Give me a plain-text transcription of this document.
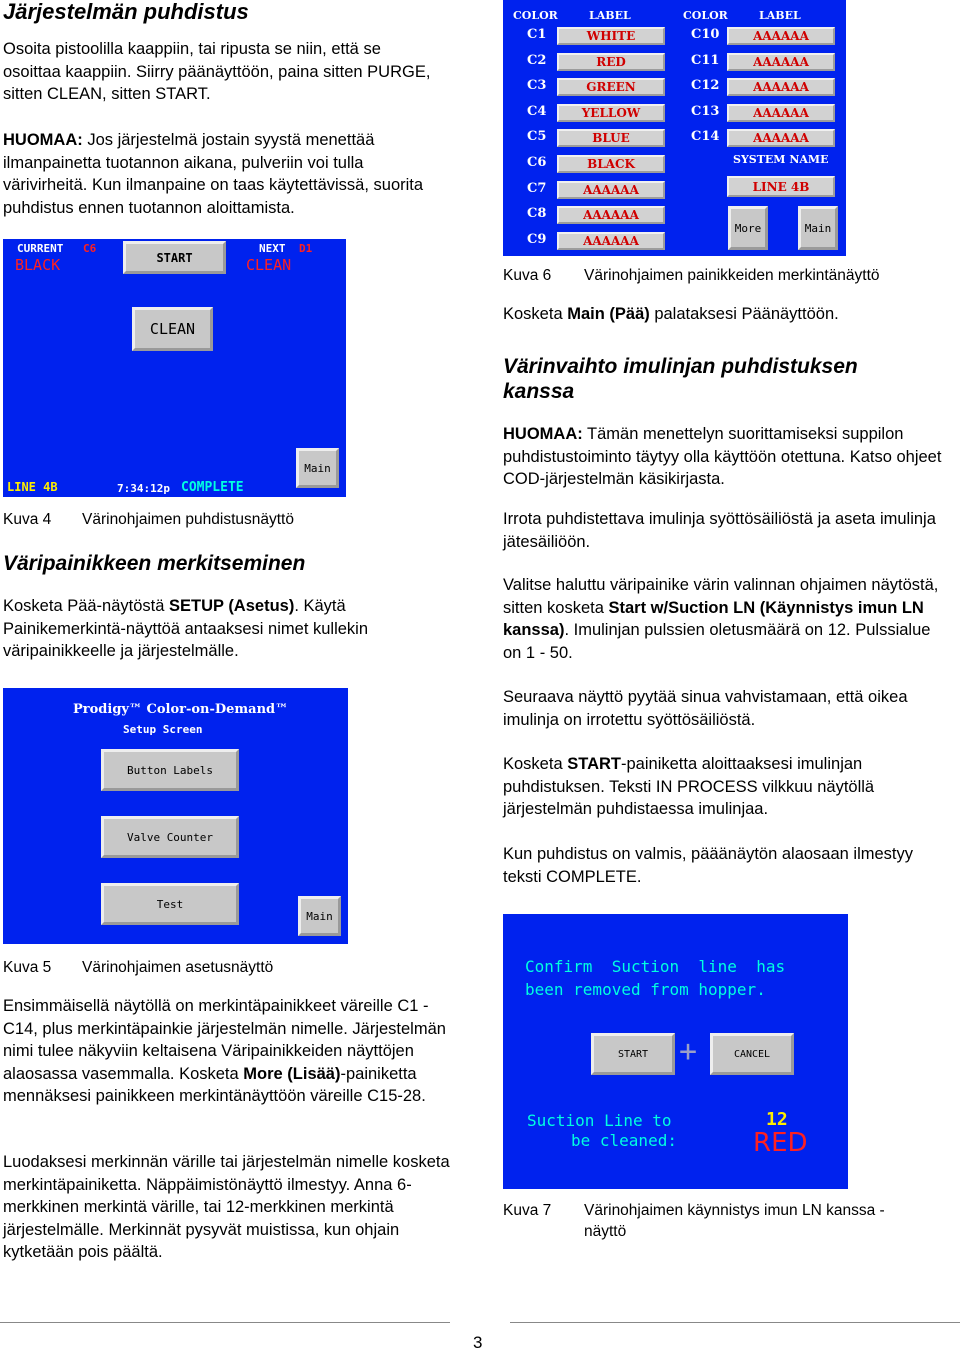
Järjestelmän puhdistus

Osoita pistoolilla kaappiin, tai ripusta se niin, että se osoittaa kaappiin. Siirry päänäyttöön, paina sitten PURGE, sitten CLEAN, sitten START.

HUOMAA: Jos järjestelmä jostain syystä menettää ilmanpainetta tuotannon aikana, pulveriin voi tulla värivirheitä. Kun ilmanpaine on taas käytettävissä, suorita puhdistus ennen tuotannon aloittamista.

CURRENT C6
BLACK	START
NEXT D1
CLEAN
CLEAN
Main
LINE 4B	7:34:12p COMPLETE
Kuva 4 Värinohjaimen puhdistusnäyttö
Väripainikkeen merkitseminen

Kosketa Pää-näytöstä SETUP (Asetus). Käytä Painikemerkintä-näyttöä antaaksesi nimet kullekin väripainikkeelle ja järjestelmälle.

Prodigy™ Color-on-Demand™
Setup Screen
Button Labels
Valve Counter
Test
Main
Kuva 5 Värinohjaimen asetusnäyttö

Ensimmäisellä näytöllä on merkintäpainikkeet väreille C1 - C14, plus merkintäpainkie järjestelmän nimelle. Järjestelmän nimi tulee näkyviin keltaisena Väripainikkeiden näyttöjen alaosassa vasemmalla. Kosketa More (Lisää)-painiketta mennäksesi painikkeen merkintänäyttöön väreille C15-28.

Luodaksesi merkinnän värille tai järjestelmän nimelle kosketa merkintäpainiketta. Näppäimistönäyttö ilmestyy. Anna 6-merkkinen merkintä värille, tai 12-merkkinen merkintä järjestelmälle. Merkinnät pysyvät muistissa, kun ohjain kytketään pois päältä.

COLOR	LABEL	COLOR	LABEL
C1	WHITE
C2	RED
C3	GREEN
C4	YELLOW
C5	BLUE
C6	BLACK
C7	AAAAAA
C8	AAAAAA
C9	AAAAAA
C10	AAAAAA
C11	AAAAAA
C12	AAAAAA
C13	AAAAAA
C14	AAAAAA
SYSTEM NAME
LINE 4B
More	Main
Kuva 6 Värinohjaimen painikkeiden merkintänäyttö

Kosketa Main (Pää) palataksesi Päänäyttöön.

Värinvaihto imulinjan puhdistuksen kanssa

HUOMAA: Tämän menettelyn suorittamiseksi suppilon puhdistustoiminto täytyy olla käyttöön otettuna. Katso ohjeet COD-järjestelmän käsikirjasta.

Irrota puhdistettava imulinja syöttösäiliöstä ja aseta imulinja jätesäiliöön.

Valitse haluttu väripainike värin valinnan ohjaimen näytöstä, sitten kosketa Start w/Suction LN (Käynnistys imun LN kanssa). Imulinjan pulssien oletusmäärä on 12. Pulssialue on 1 - 50.

Seuraava näyttö pyytää sinua vahvistamaan, että oikea imulinja on irrotettu syöttösäiliöstä.

Kosketa START-painiketta aloittaaksesi imulinjan puhdistuksen. Teksti IN PROCESS vilkkuu näytöllä järjestelmän puhdistaessa imulinjaa.

Kun puhdistus on valmis, pääänäytön alaosaan ilmestyy teksti COMPLETE.

Confirm  Suction  line  has
been removed from hopper.
START	+	CANCEL
Suction Line to
be cleaned:
12
RED
Kuva 7 Värinohjaimen käynnistys imun LN kanssa -näyttö
3
